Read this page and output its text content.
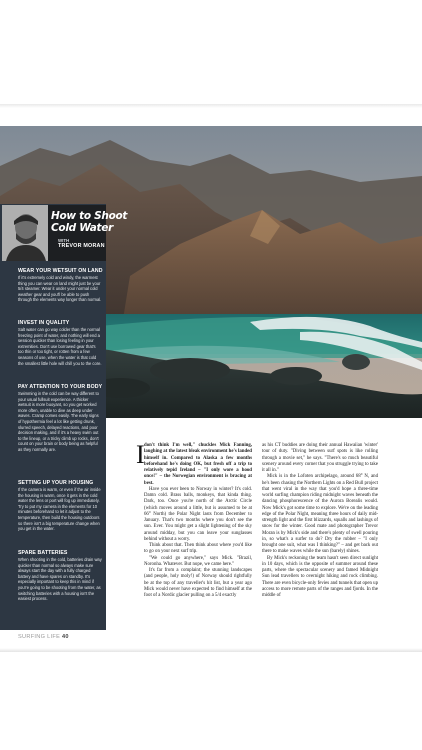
How to Shoot
Cold Water
WITH
TREVOR MORAN
WEAR YOUR WETSUIT ON LAND
If it's extremely cold and windy, the warmest thing you can wear on land might just be your 5/4 steamer. Wear it under your normal cold weather gear and you'll be able to push through the elements way longer than normal.
INVEST IN QUALITY
Salt water can go way colder than the normal freezing point of water, and nothing will end a session quicker than losing feeling in your extremities. Don't use borrowed gear that's too thin or too tight, or rotten from a few seasons of use, when the water is that cold the smallest little hole will chill you to the core.
PAY ATTENTION TO YOUR BODY
Swimming in the cold can be way different to your usual fullsuit experience. A thicker wetsuit is more buoyant, so you get worked more often, unable to dive as deep under waves. Cramp comes easily. The early signs of hypothermia feel a lot like getting drunk, slurred speech, delayed reactions, and poor decision making, and if it's a heavy swim out to the lineup, or a tricky climb up rocks, don't count on your brain or body being as helpful as they normally are.
SETTING UP YOUR HOUSING
If the camera is warm, or even if the air inside the housing is warm, once it gets in the cold water the lens or port will fog up immediately. Try to put my camera in the elements for 10 minutes beforehand to let it adjust to the temperature, then build the housing outdoors so there isn't a big temperature change when you get in the water.
SPARE BATTERIES
When shooting in the cold, batteries drain way quicker than normal so always make sure always start the day with a fully charged battery and have spares on standby. It's especially important to keep this in mind if you're going to be shooting from the water, as switching batteries with a housing isn't the easiest process.
I don't think I'm well," chuckles Mick Fanning, laughing at the latest bleak environment he's landed himself in. Compared to Alaska a few months beforehand he's doing OK, but fresh off a trip to relatively tepid Ireland – "I only wore a hood once!" – the Norwegian environment is bracing at best.

Have you ever been to Norway in winter? It's cold. Damn cold. Brass balls, monkeys, that kinda thing. Dark, too. Once you're north of the Arctic Circle (which moves around a little, but is assumed to be at 66° North) the Polar Night lasts from December to January. That's two months where you don't see the sun. Ever. You might get a slight lightening of the sky around midday, but you can leave your sunglasses behind without a worry.

Think about that. Then think about where you'd like to go on your next surf trip.

"We could go anywhere," says Mick. "Brazil, Noronha. Whatever. But nope, we came here."

It's far from a complaint; the stunning landscapes (and people, holy moly!) of Norway should rightfully be at the top of any traveller's hit list, but a year ago Mick would never have expected to find himself at the foot of a Nordic glacier pulling on a 5/4 exactly

as his CT buddies are doing their annual Hawaiian 'winter' tour of duty. "Diving between surf spots is like rolling through a movie set," he says. "There's so much beautiful scenery around every corner that you struggle trying to take it all in."

Mick is in the Lofoten archipelago, around 68° N, and he's been chasing the Northern Lights on a Red Bull project that went viral in the way that you'd hope a three-time world surfing champion riding midnight waves beneath the dancing phosphorescence of the Aurora Borealis would. Now Mick's got some time to explore. We're on the leading edge of the Polar Night, meaning three hours of daily mid-strength light and the first blizzards, squalls and lashings of snow for the winter. Good mate and photographer Trevor Moran is by Mick's side and there's plenty of swell pouring in, so what's a surfer to do? Dry the rubber – "I only brought one suit, what was I thinking?" – and get back out there to make waves while the sun (barely) shines.

By Mick's reckoning the team hasn't seen direct sunlight in 10 days, which is the opposite of summer around these parts, where the spectacular scenery and famed Midnight Sun lead travellers to overnight hiking and rock climbing. There are even bicycle-only fevies and tunnels that open up access to more remote parts of the ranges and fjords. In the middle of

SURFING LIFE 40
